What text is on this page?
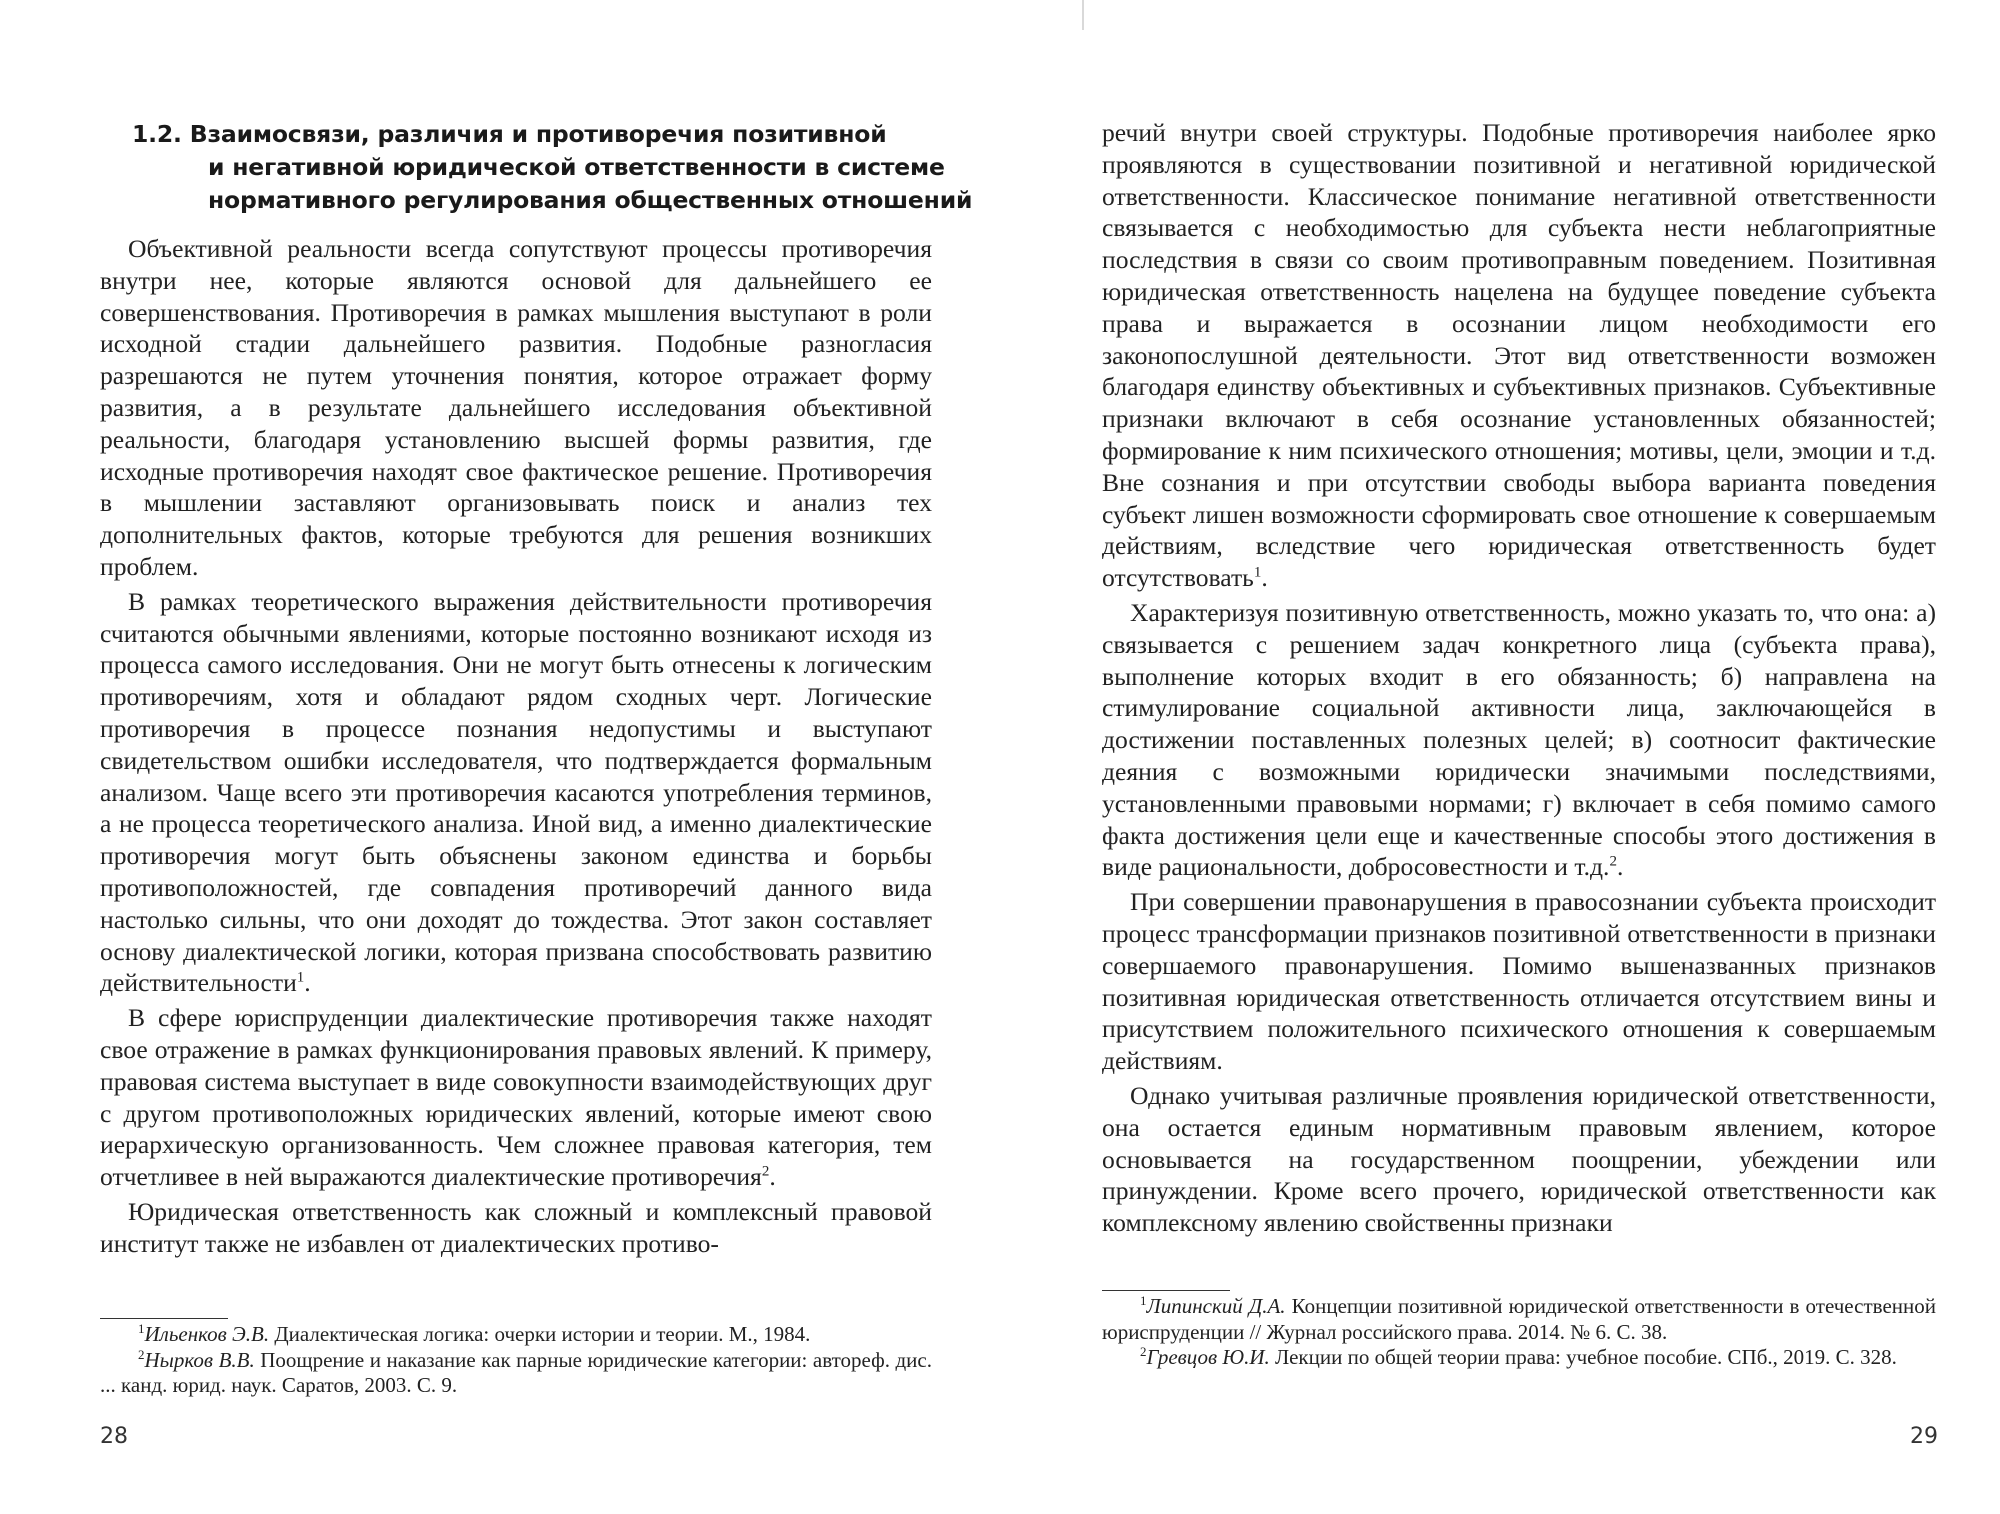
1.2. Взаимосвязи, различия и противоречия позитивной
и негативной юридической ответственности в системе
нормативного регулирования общественных отношений

Объективной реальности всегда сопутствуют процессы противоречия внутри нее, которые являются основой для дальнейшего ее совершенствования. Противоречия в рамках мышления выступают в роли исходной стадии дальнейшего развития. Подобные разногласия разрешаются не путем уточнения понятия, которое отражает форму развития, а в результате дальнейшего исследования объективной реальности, благодаря установлению высшей формы развития, где исходные противоречия находят свое фактическое решение. Противоречия в мышлении заставляют организовывать поиск и анализ тех дополнительных фактов, которые требуются для решения возникших проблем.

В рамках теоретического выражения действительности противоречия считаются обычными явлениями, которые постоянно возникают исходя из процесса самого исследования. Они не могут быть отнесены к логическим противоречиям, хотя и обладают рядом сходных черт. Логические противоречия в процессе познания недопустимы и выступают свидетельством ошибки исследователя, что подтверждается формальным анализом. Чаще всего эти противоречия касаются употребления терминов, а не процесса теоретического анализа. Иной вид, а именно диалектические противоречия могут быть объяснены законом единства и борьбы противоположностей, где совпадения противоречий данного вида настолько сильны, что они доходят до тождества. Этот закон составляет основу диалектической логики, которая призвана способствовать развитию действительности$^1$.

В сфере юриспруденции диалектические противоречия также находят свое отражение в рамках функционирования правовых явлений. К примеру, правовая система выступает в виде совокупности взаимодействующих друг с другом противоположных юридических явлений, которые имеют свою иерархическую организованность. Чем сложнее правовая категория, тем отчетливее в ней выражаются диалектические противоречия$^2$.

Юридическая ответственность как сложный и комплексный правовой институт также не избавлен от диалектических противо-

$^1$Ильенков Э.В. Диалектическая логика: очерки истории и теории. М., 1984.

$^2$Нырков В.В. Поощрение и наказание как парные юридические категории: автореф. дис. ... канд. юрид. наук. Саратов, 2003. С. 9.

28

речий внутри своей структуры. Подобные противоречия наиболее ярко проявляются в существовании позитивной и негативной юридической ответственности. Классическое понимание негативной ответственности связывается с необходимостью для субъекта нести неблагоприятные последствия в связи со своим противоправным поведением. Позитивная юридическая ответственность нацелена на будущее поведение субъекта права и выражается в осознании лицом необходимости его законопослушной деятельности. Этот вид ответственности возможен благодаря единству объективных и субъективных признаков. Субъективные признаки включают в себя осознание установленных обязанностей; формирование к ним психического отношения; мотивы, цели, эмоции и т.д. Вне сознания и при отсутствии свободы выбора варианта поведения субъект лишен возможности сформировать свое отношение к совершаемым действиям, вследствие чего юридическая ответственность будет отсутствовать$^1$.

Характеризуя позитивную ответственность, можно указать то, что она: а) связывается с решением задач конкретного лица (субъекта права), выполнение которых входит в его обязанность; б) направлена на стимулирование социальной активности лица, заключающейся в достижении поставленных полезных целей; в) соотносит фактические деяния с возможными юридически значимыми последствиями, установленными правовыми нормами; г) включает в себя помимо самого факта достижения цели еще и качественные способы этого достижения в виде рациональности, добросовестности и т.д.$^2$.

При совершении правонарушения в правосознании субъекта происходит процесс трансформации признаков позитивной ответственности в признаки совершаемого правонарушения. Помимо вышеназванных признаков позитивная юридическая ответственность отличается отсутствием вины и присутствием положительного психического отношения к совершаемым действиям.

Однако учитывая различные проявления юридической ответственности, она остается единым нормативным правовым явлением, которое основывается на государственном поощрении, убеждении или принуждении. Кроме всего прочего, юридической ответственности как комплексному явлению свойственны признаки

$^1$Липинский Д.А. Концепции позитивной юридической ответственности в отечественной юриспруденции // Журнал российского права. 2014. № 6. С. 38.

$^2$Гревцов Ю.И. Лекции по общей теории права: учебное пособие. СПб., 2019. С. 328.

29
